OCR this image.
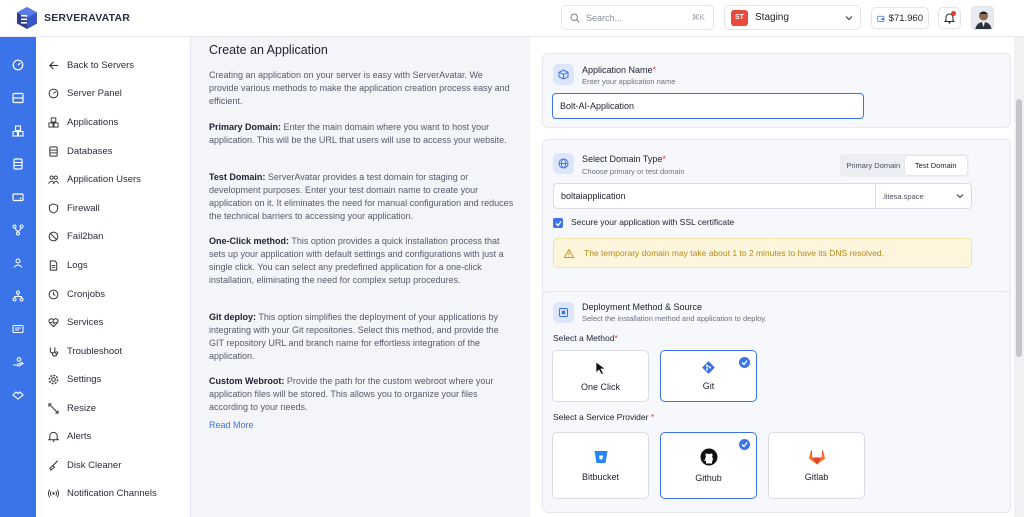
SERVERAVATAR	Search...	⌘K	ST	Staging	$71.960
Back to Servers
Server Panel
Applications
Databases
Application Users
Firewall
Fail2ban
Logs
Cronjobs
Services
Troubleshoot
Settings
Resize
Alerts
Disk Cleaner
Notification Channels
Create an Application

Creating an application on your server is easy with ServerAvatar. We provide various methods to make the application creation process easy and efficient.

Primary Domain: Enter the main domain where you want to host your application. This will be the URL that users will use to access your website.

Test Domain: ServerAvatar provides a test domain for staging or development purposes. Enter your test domain name to create your application on it. It eliminates the need for manual configuration and reduces the technical barriers to accessing your application.

One-Click method: This option provides a quick installation process that sets up your application with default settings and configurations with just a single click. You can select any predefined application for a one-click installation, eliminating the need for complex setup procedures.

Git deploy: This option simplifies the deployment of your applications by integrating with your Git repositories. Select this method, and provide the GIT repository URL and branch name for effortless integration of the application.

Custom Webroot: Provide the path for the custom webroot where your application files will be stored. This allows you to organize your files according to your needs.

Read More
Application Name*
Enter your application name
Bolt-AI-Application
Select Domain Type*
Choose primary or test domain
Primary Domain	Test Domain
boltaiapplication	.litesa.space
Secure your application with SSL certificate
The temporary domain may take about 1 to 2 minutes to have its DNS resolved.
Deployment Method & Source
Select the installation method and application to deploy.
Select a Method*
One Click	Git
Select a Service Provider *
Bitbucket	Github	Gitlab
